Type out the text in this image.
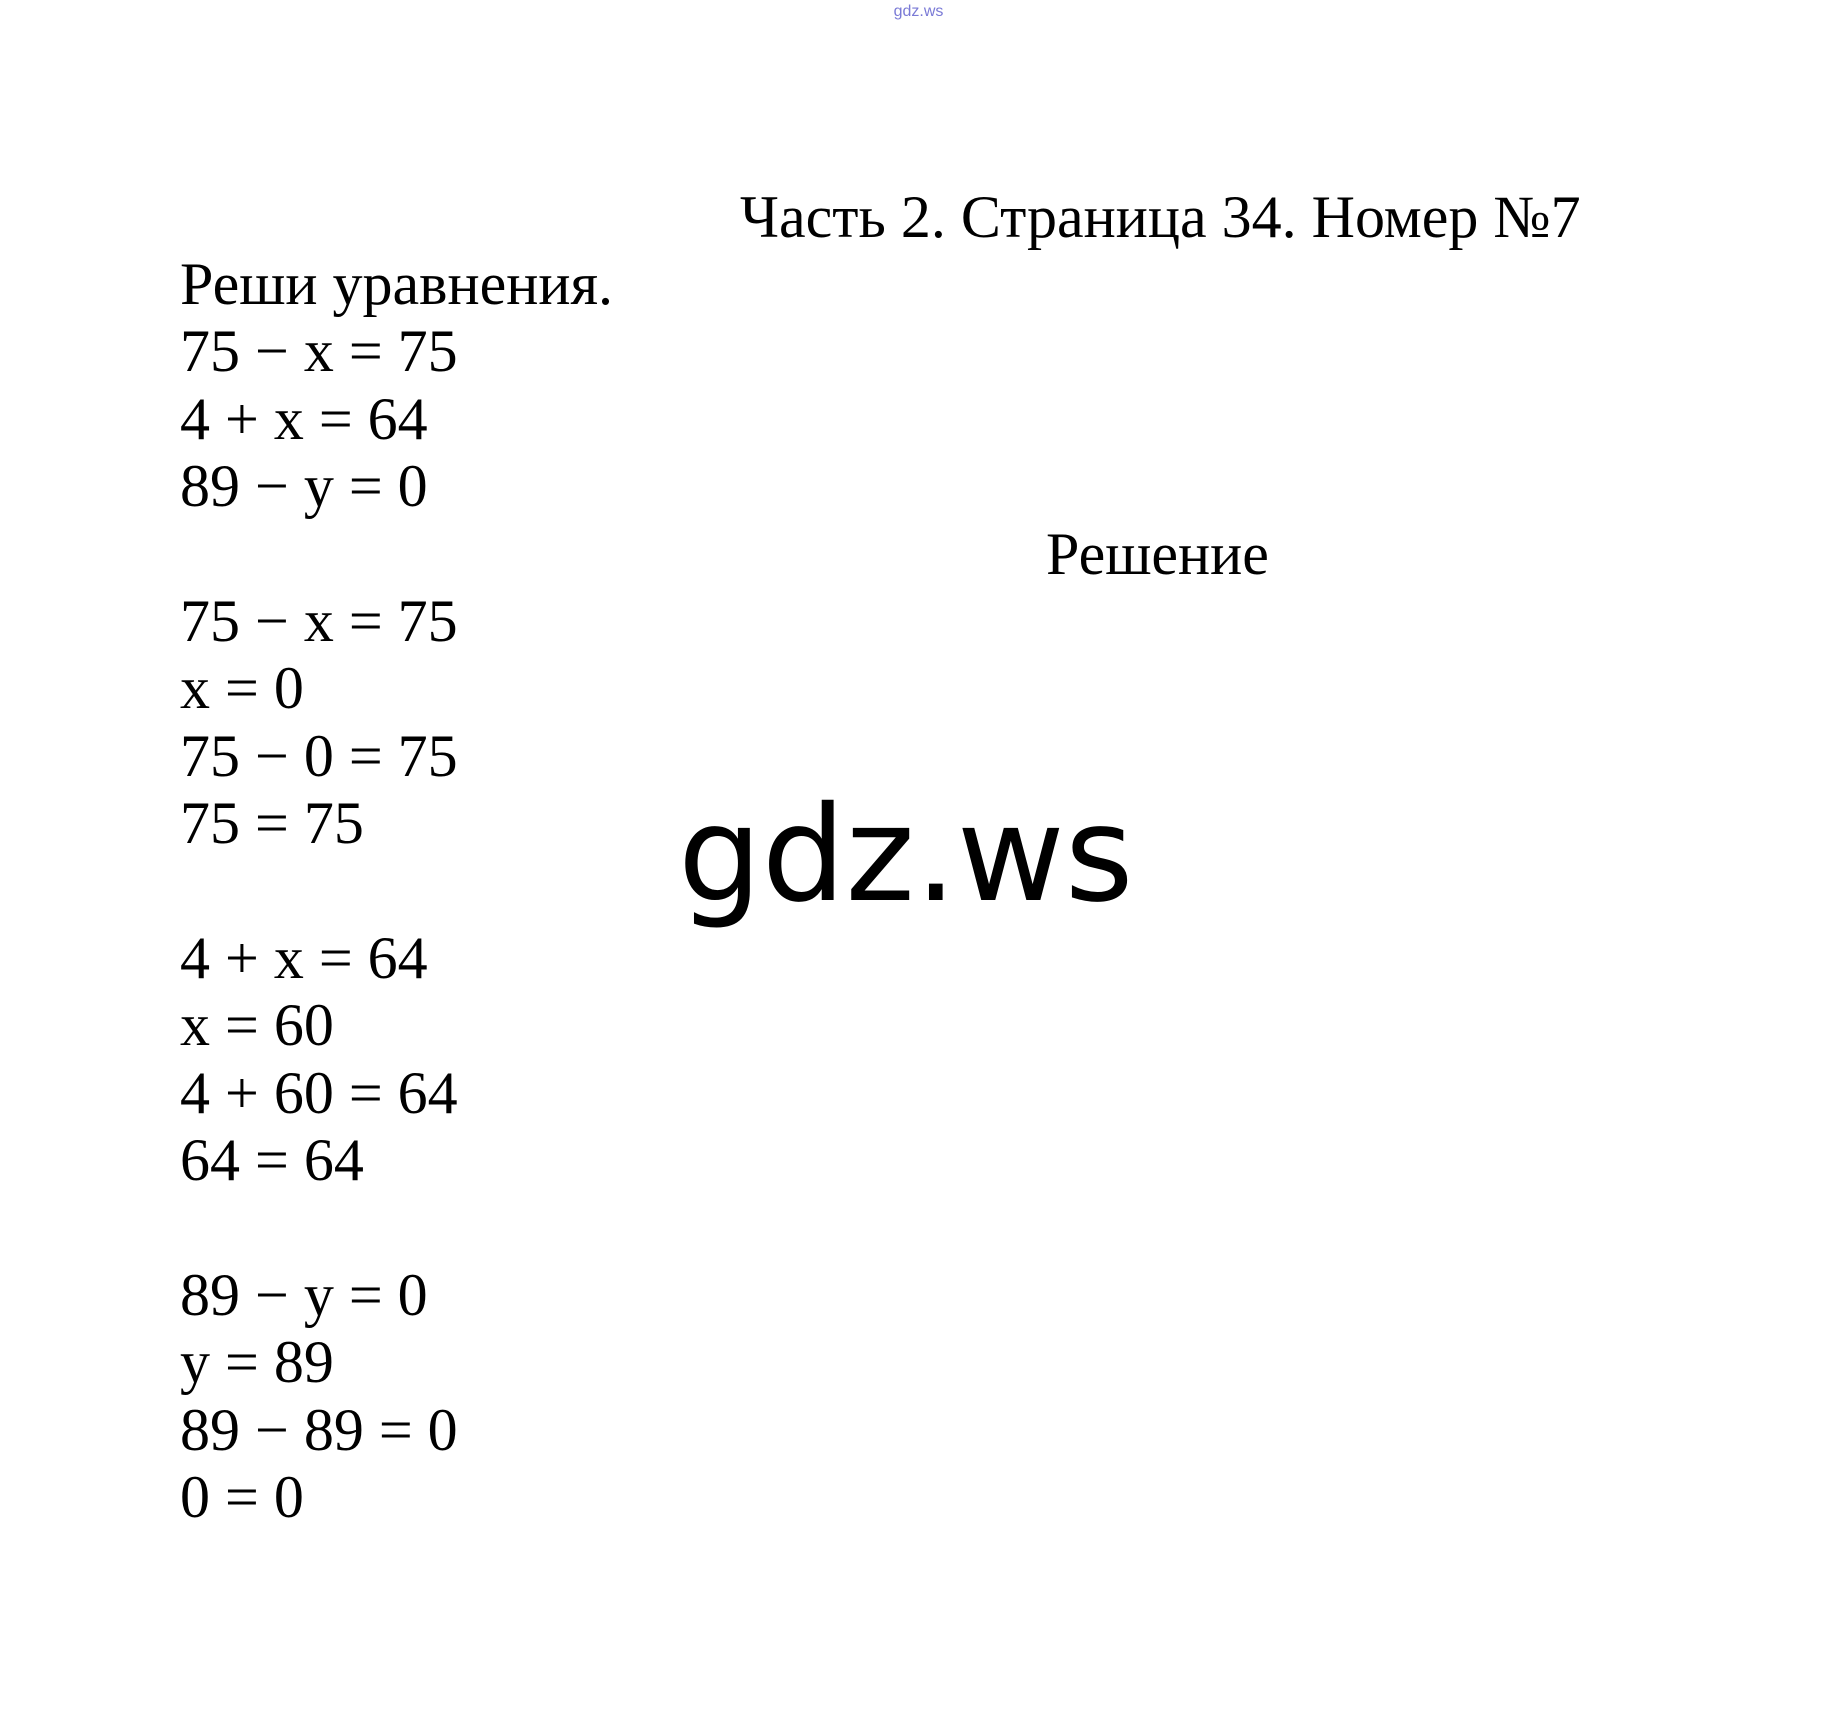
gdz.ws
Часть 2. Страница 34. Номер №7
Реши уравнения.
75 − x = 75
4 + x = 64
89 − y = 0
Решение
75 − x = 75
x = 0
75 − 0 = 75
75 = 75
4 + x = 64
x = 60
4 + 60 = 64
64 = 64
89 − y = 0
y = 89
89 − 89 = 0
0 = 0
gdz.ws
